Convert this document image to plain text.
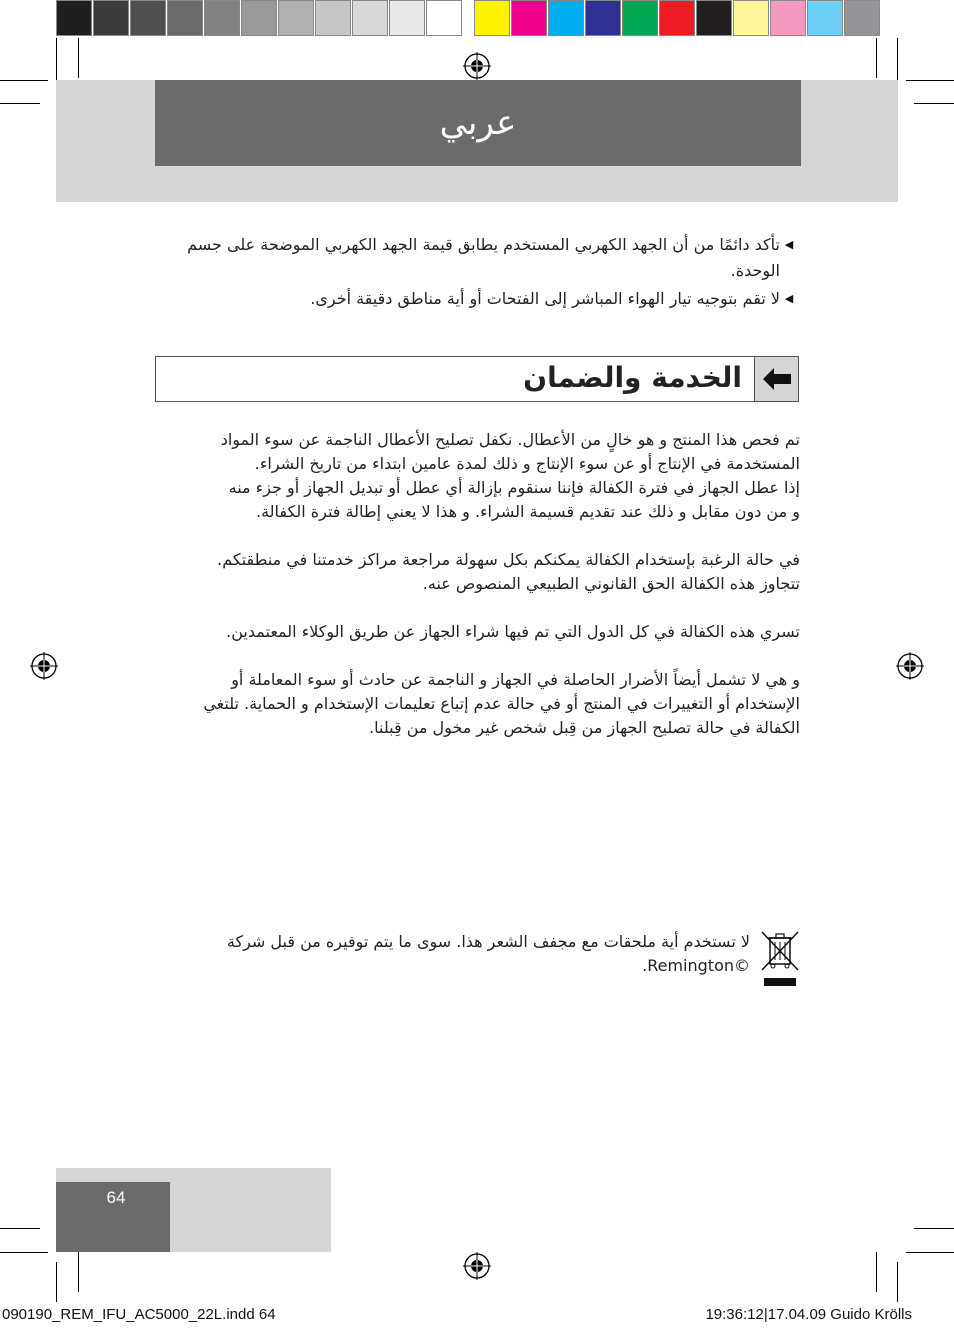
عربي
◀
تأكد دائمًا من أن الجهد الكهربي المستخدم يطابق قيمة الجهد الكهربي الموضحة على جسم الوحدة.
◀
لا تقم بتوجيه تيار الهواء المباشر إلى الفتحات أو أية مناطق دقيقة أخرى.
الخدمة والضمان

تم فحص هذا المنتج و هو خالٍ من الأعطال. نكفل تصليح الأعطال الناجمة عن سوء المواد المستخدمة في الإنتاج أو عن سوء الإنتاج و ذلك لمدة عامين ابتداء من تاريخ الشراء.

إذا عطل الجهاز في فترة الكفالة فإننا سنقوم بإزالة أي عطل أو تبديل الجهاز أو جزء منه

و من دون مقابل و ذلك عند تقديم قسيمة الشراء. و هذا لا يعني إطالة فترة الكفالة.

في حالة الرغبة بإستخدام الكفالة يمكنكم بكل سهولة مراجعة مراكز خدمتنا في منطقتكم.

تتجاوز هذه الكفالة الحق القانوني الطبيعي المنصوص عنه.

تسري هذه الكفالة في كل الدول التي تم فيها شراء الجهاز عن طريق الوكلاء المعتمدين.

و هي لا تشمل أيضاً الأضرار الحاصلة في الجهاز و الناجمة عن حادث أو سوء المعاملة أو الإستخدام أو التغييرات في المنتج أو في حالة عدم إتباع تعليمات الإستخدام و الحماية. تلتغي الكفالة في حالة تصليح الجهاز من قِبل شخص غير مخول من قِبلنا.

لا تستخدم أية ملحقات مع مجفف الشعر هذا. سوى ما يتم توفيره من قبل شركة ©Remington.
64
090190_REM_IFU_AC5000_22L.indd 64	19:36:12|17.04.09 Guido Krölls
